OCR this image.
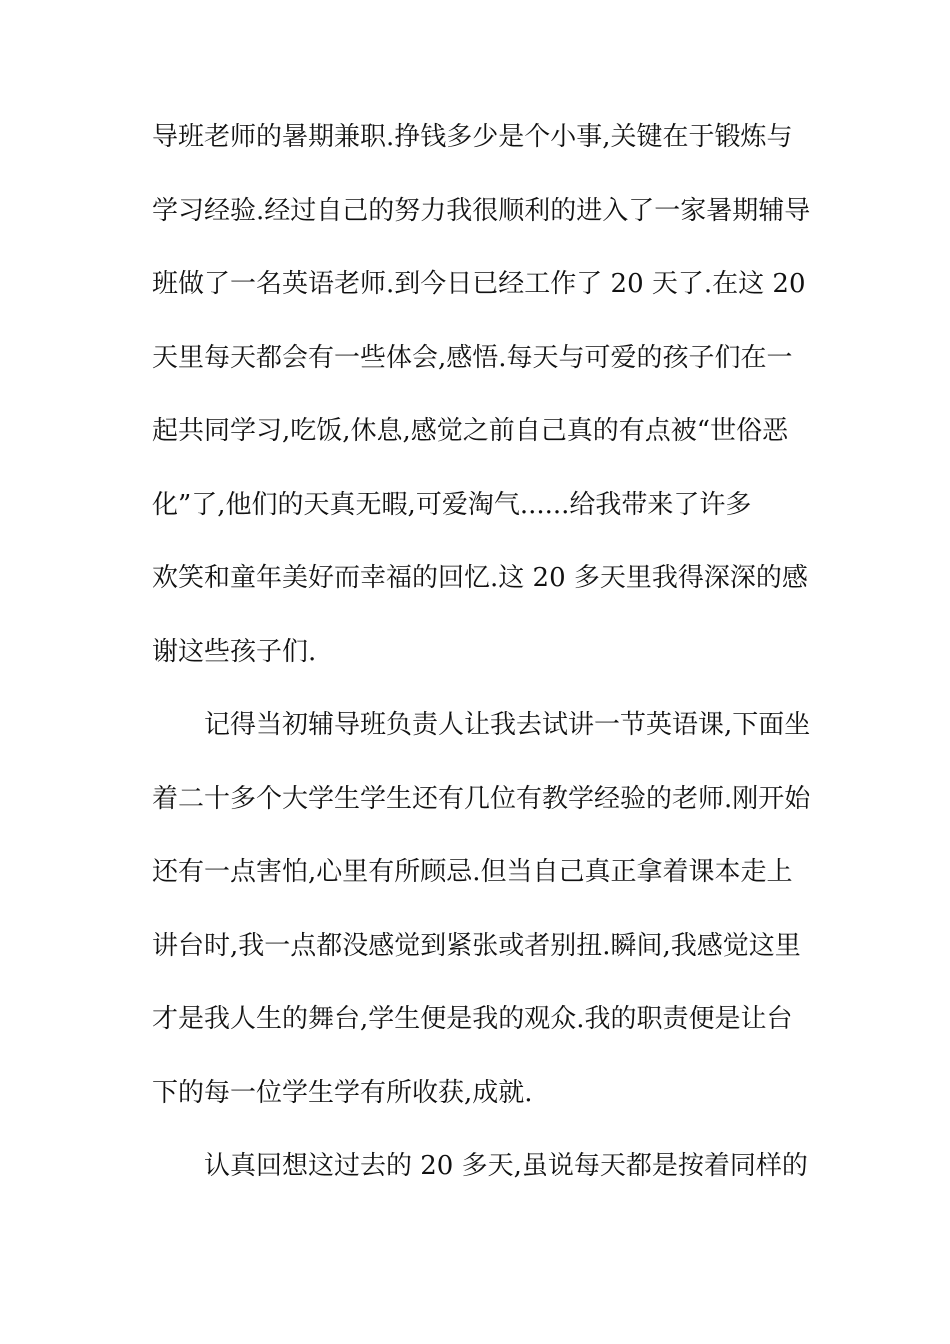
导班老师的暑期兼职.挣钱多少是个小事,关键在于锻炼与
学习经验.经过自己的努力我很顺利的进入了一家暑期辅导
班做了一名英语老师.到今日已经工作了 20 天了.在这 20
天里每天都会有一些体会,感悟.每天与可爱的孩子们在一
起共同学习,吃饭,休息,感觉之前自己真的有点被“世俗恶
化”了,他们的天真无暇,可爱淘气......给我带来了许多
欢笑和童年美好而幸福的回忆.这 20 多天里我得深深的感
谢这些孩子们.
记得当初辅导班负责人让我去试讲一节英语课,下面坐
着二十多个大学生学生还有几位有教学经验的老师.刚开始
还有一点害怕,心里有所顾忌.但当自己真正拿着课本走上
讲台时,我一点都没感觉到紧张或者别扭.瞬间,我感觉这里
才是我人生的舞台,学生便是我的观众.我的职责便是让台
下的每一位学生学有所收获,成就.
认真回想这过去的 20 多天,虽说每天都是按着同样的
